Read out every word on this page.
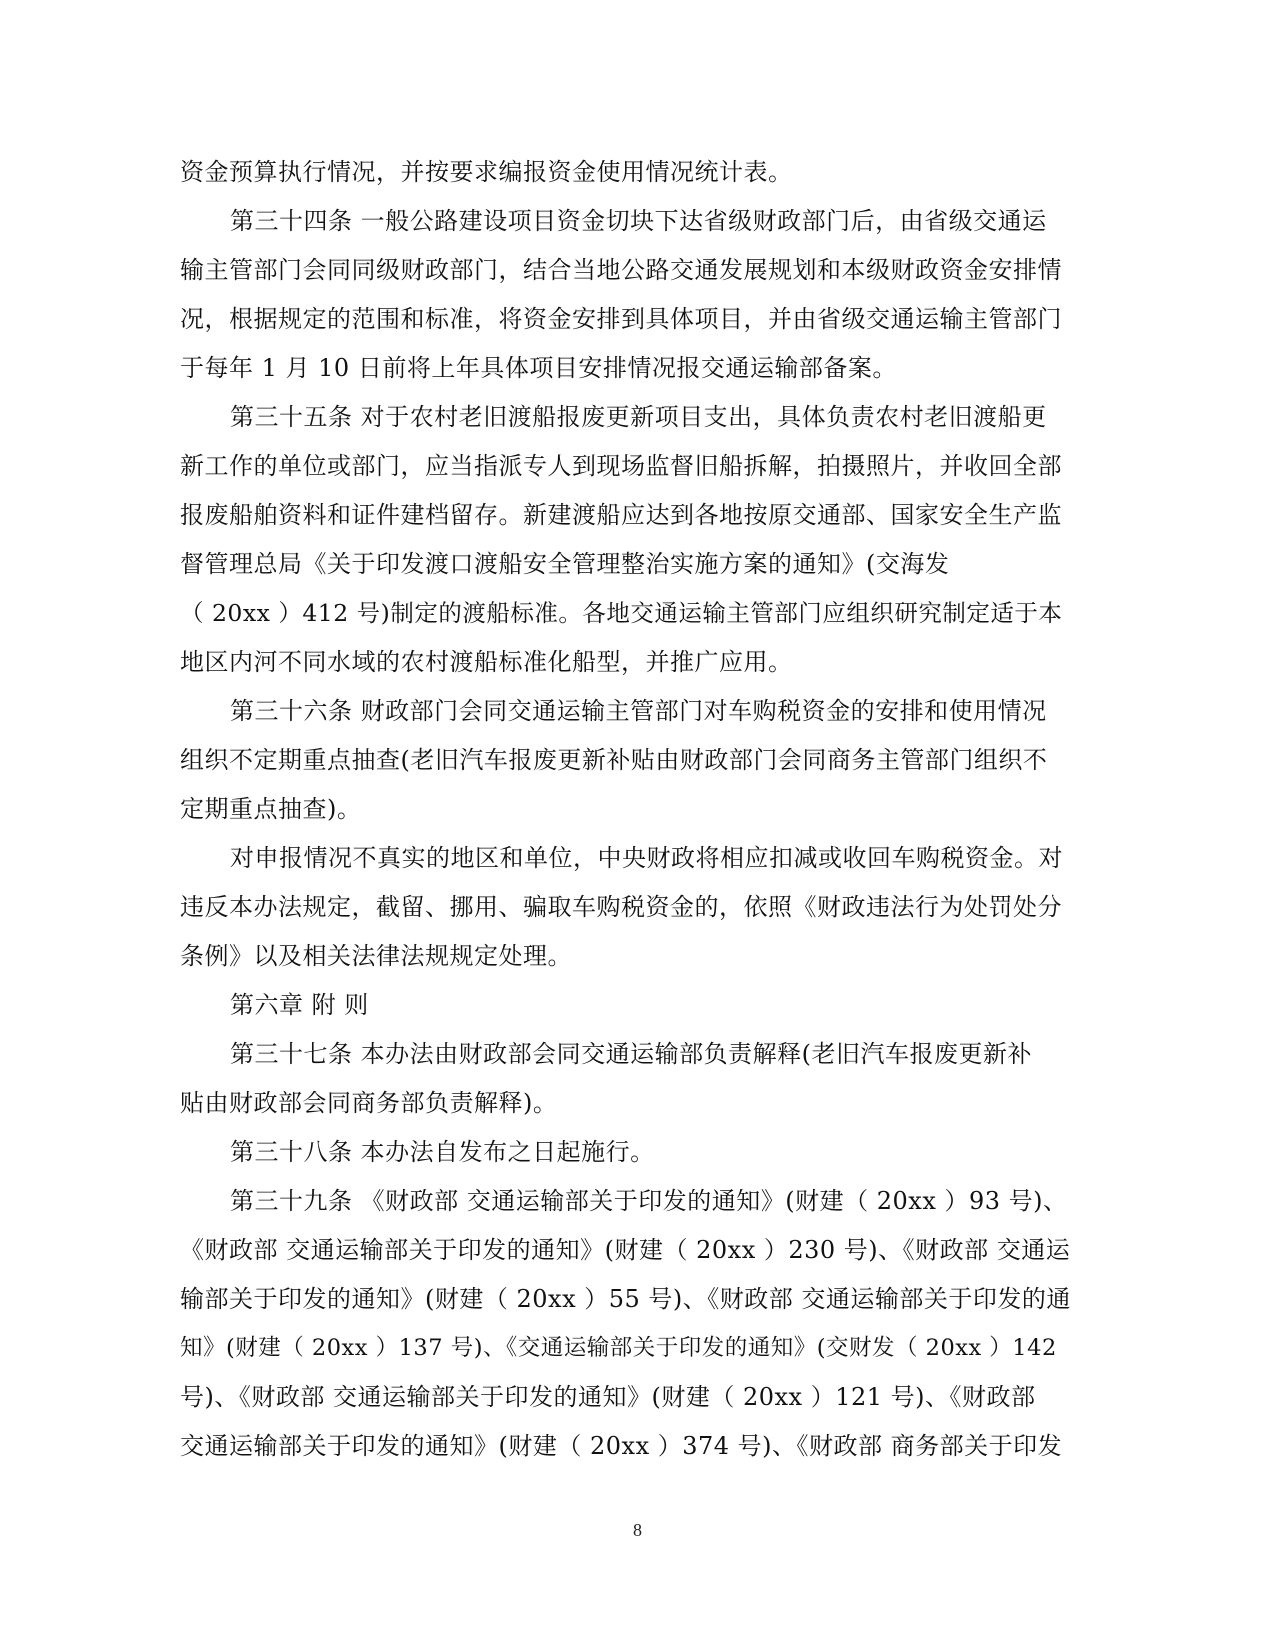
资金预算执行情况，并按要求编报资金使用情况统计表。
第三十四条 一般公路建设项目资金切块下达省级财政部门后，由省级交通运
输主管部门会同同级财政部门，结合当地公路交通发展规划和本级财政资金安排情
况，根据规定的范围和标准，将资金安排到具体项目，并由省级交通运输主管部门
于每年 1 月 10 日前将上年具体项目安排情况报交通运输部备案。
第三十五条 对于农村老旧渡船报废更新项目支出，具体负责农村老旧渡船更
新工作的单位或部门，应当指派专人到现场监督旧船拆解，拍摄照片，并收回全部
报废船舶资料和证件建档留存。新建渡船应达到各地按原交通部、国家安全生产监
督管理总局《关于印发渡口渡船安全管理整治实施方案的通知》(交海发
（ 20xx ）412 号)制定的渡船标准。各地交通运输主管部门应组织研究制定适于本
地区内河不同水域的农村渡船标准化船型，并推广应用。
第三十六条 财政部门会同交通运输主管部门对车购税资金的安排和使用情况
组织不定期重点抽查(老旧汽车报废更新补贴由财政部门会同商务主管部门组织不
定期重点抽查)。
对申报情况不真实的地区和单位，中央财政将相应扣减或收回车购税资金。对
违反本办法规定，截留、挪用、骗取车购税资金的，依照《财政违法行为处罚处分
条例》以及相关法律法规规定处理。
第六章 附 则
第三十七条 本办法由财政部会同交通运输部负责解释(老旧汽车报废更新补
贴由财政部会同商务部负责解释)。
第三十八条 本办法自发布之日起施行。
第三十九条 《财政部 交通运输部关于印发的通知》(财建（ 20xx ）93 号)、
《财政部 交通运输部关于印发的通知》(财建（ 20xx ）230 号)、《财政部 交通运
输部关于印发的通知》(财建（ 20xx ）55 号)、《财政部 交通运输部关于印发的通
知》(财建（ 20xx ）137 号)、《交通运输部关于印发的通知》(交财发（ 20xx ）142
号)、《财政部 交通运输部关于印发的通知》(财建（ 20xx ）121 号)、《财政部
交通运输部关于印发的通知》(财建（ 20xx ）374 号)、《财政部 商务部关于印发
8
